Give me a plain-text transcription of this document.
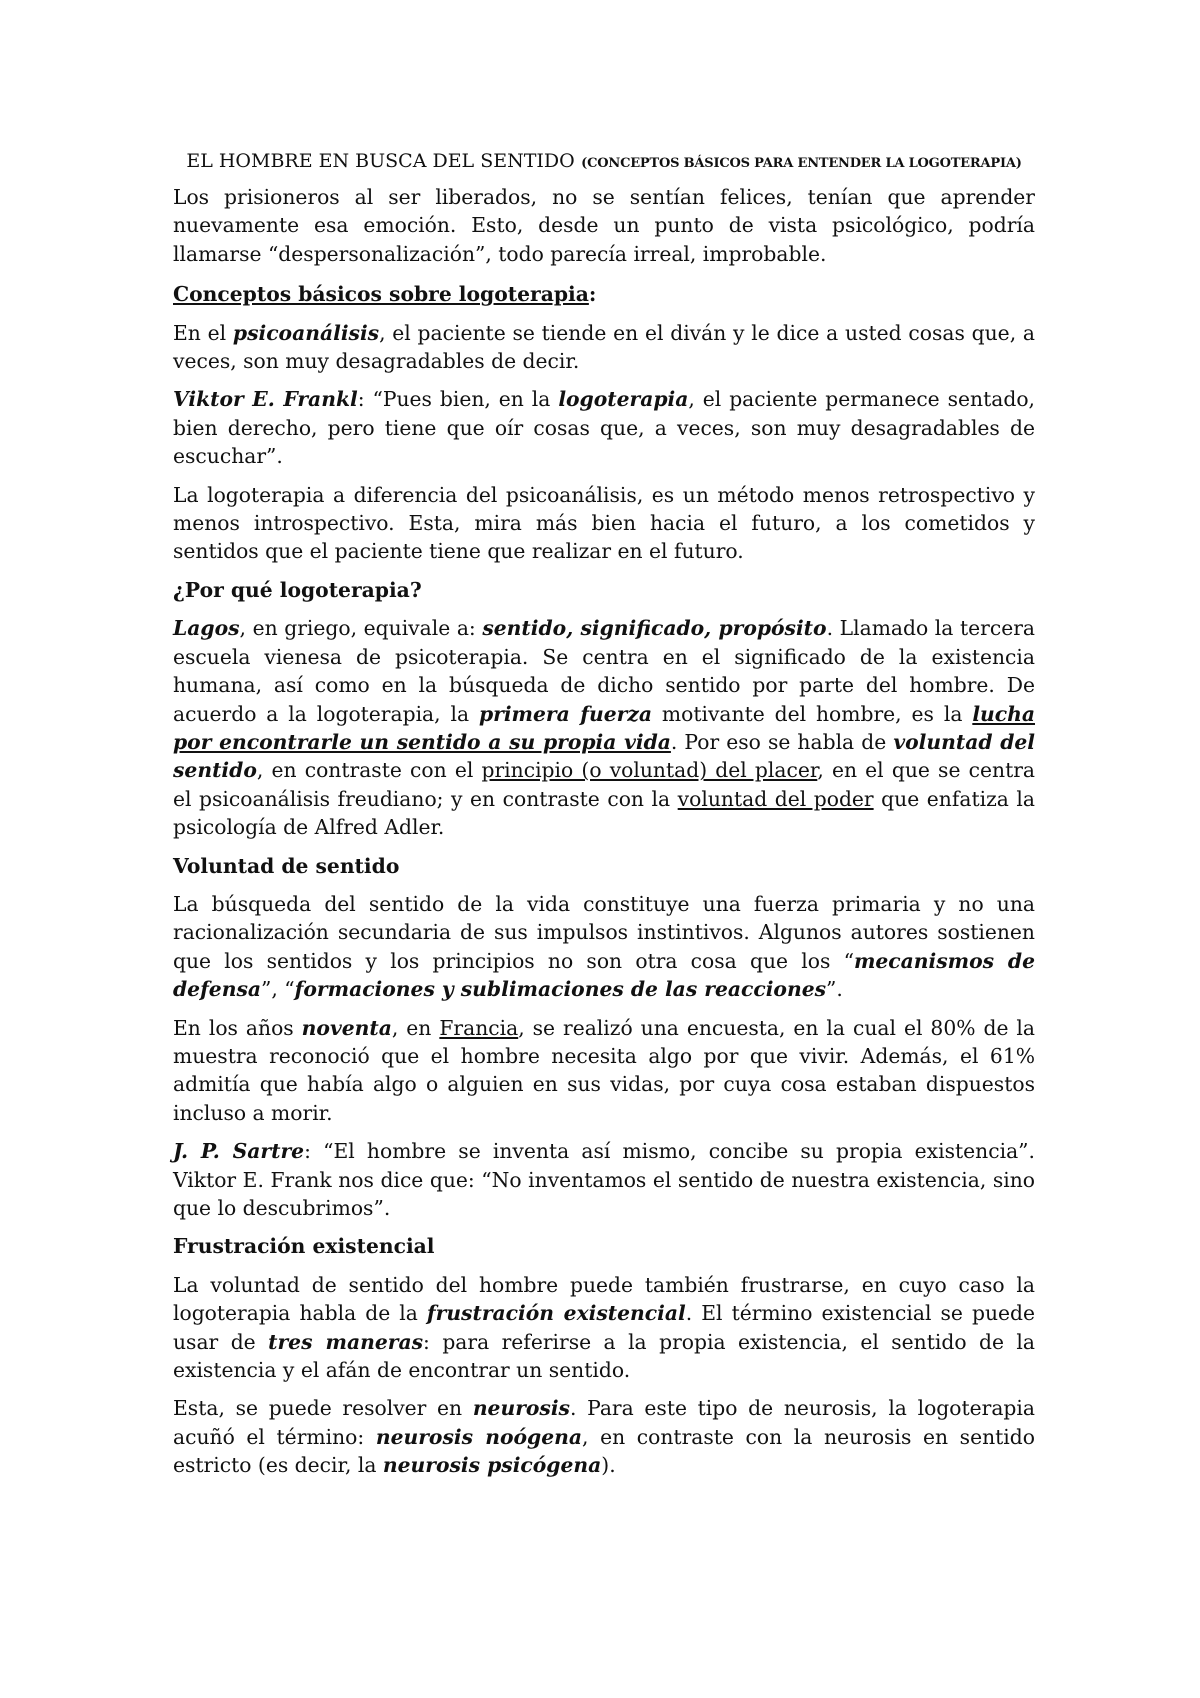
EL HOMBRE EN BUSCA DEL SENTIDO (CONCEPTOS BÁSICOS PARA ENTENDER LA LOGOTERAPIA)

Los prisioneros al ser liberados, no se sentían felices, tenían que aprender nuevamente esa emoción. Esto, desde un punto de vista psicológico, podría llamarse “despersonalización”, todo parecía irreal, improbable.

Conceptos básicos sobre logoterapia:

En el psicoanálisis, el paciente se tiende en el diván y le dice a usted cosas que, a veces, son muy desagradables de decir.

Viktor E. Frankl: “Pues bien, en la logoterapia, el paciente permanece sentado, bien derecho, pero tiene que oír cosas que, a veces, son muy desagradables de escuchar”.

La logoterapia a diferencia del psicoanálisis, es un método menos retrospectivo y menos introspectivo. Esta, mira más bien hacia el futuro, a los cometidos y sentidos que el paciente tiene que realizar en el futuro.

¿Por qué logoterapia?

Lagos, en griego, equivale a: sentido, significado, propósito. Llamado la tercera escuela vienesa de psicoterapia. Se centra en el significado de la existencia humana, así como en la búsqueda de dicho sentido por parte del hombre. De acuerdo a la logoterapia, la primera fuerza motivante del hombre, es la lucha por encontrarle un sentido a su propia vida. Por eso se habla de voluntad del sentido, en contraste con el principio (o voluntad) del placer, en el que se centra el psicoanálisis freudiano; y en contraste con la voluntad del poder que enfatiza la psicología de Alfred Adler.

Voluntad de sentido

La búsqueda del sentido de la vida constituye una fuerza primaria y no una racionalización secundaria de sus impulsos instintivos. Algunos autores sostienen que los sentidos y los principios no son otra cosa que los “mecanismos de defensa”, “formaciones y sublimaciones de las reacciones”.

En los años noventa, en Francia, se realizó una encuesta, en la cual el 80% de la muestra reconoció que el hombre necesita algo por que vivir. Además, el 61% admitía que había algo o alguien en sus vidas, por cuya cosa estaban dispuestos incluso a morir.

J. P. Sartre: “El hombre se inventa así mismo, concibe su propia existencia”. Viktor E. Frank nos dice que: “No inventamos el sentido de nuestra existencia, sino que lo descubrimos”.

Frustración existencial

La voluntad de sentido del hombre puede también frustrarse, en cuyo caso la logoterapia habla de la frustración existencial. El término existencial se puede usar de tres maneras: para referirse a la propia existencia, el sentido de la existencia y el afán de encontrar un sentido.

Esta, se puede resolver en neurosis. Para este tipo de neurosis, la logoterapia acuñó el término: neurosis noógena, en contraste con la neurosis en sentido estricto (es decir, la neurosis psicógena).
